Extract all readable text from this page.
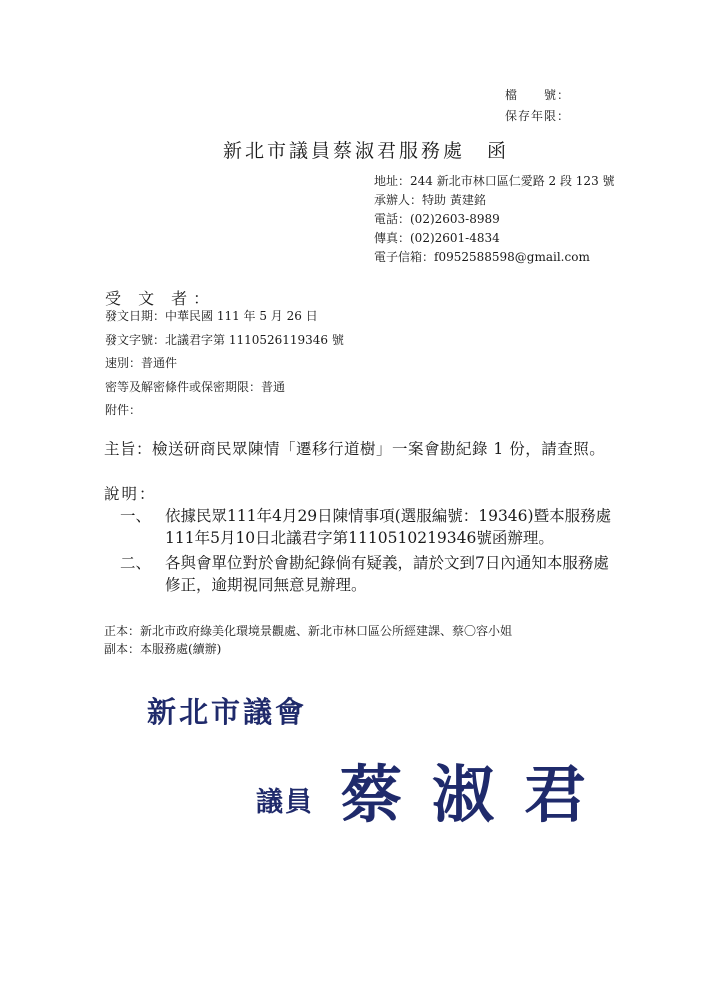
檔　　號：
保存年限：
新北市議員蔡淑君服務處 函
地址：244 新北市林口區仁愛路 2 段 123 號
承辦人：特助 黃建銘
電話：(02)2603-8989
傳真：(02)2601-4834
電子信箱：f0952588598@gmail.com
受 文 者：
發文日期：中華民國 111 年 5 月 26 日
發文字號：北議君字第 1110526119346 號
速別：普通件
密等及解密條件或保密期限：普通
附件：
主旨：檢送研商民眾陳情「遷移行道樹」一案會勘紀錄 1 份，請查照。
說明：
一、 依據民眾111年4月29日陳情事項(選服編號：19346)暨本服務處111年5月10日北議君字第1110510219346號函辦理。
二、 各與會單位對於會勘紀錄倘有疑義，請於文到7日內通知本服務處修正，逾期視同無意見辦理。
正本：新北市政府綠美化環境景觀處、新北市林口區公所經建課、蔡〇容小姐
副本：本服務處(續辦)
新北市議會
議員 蔡淑君
